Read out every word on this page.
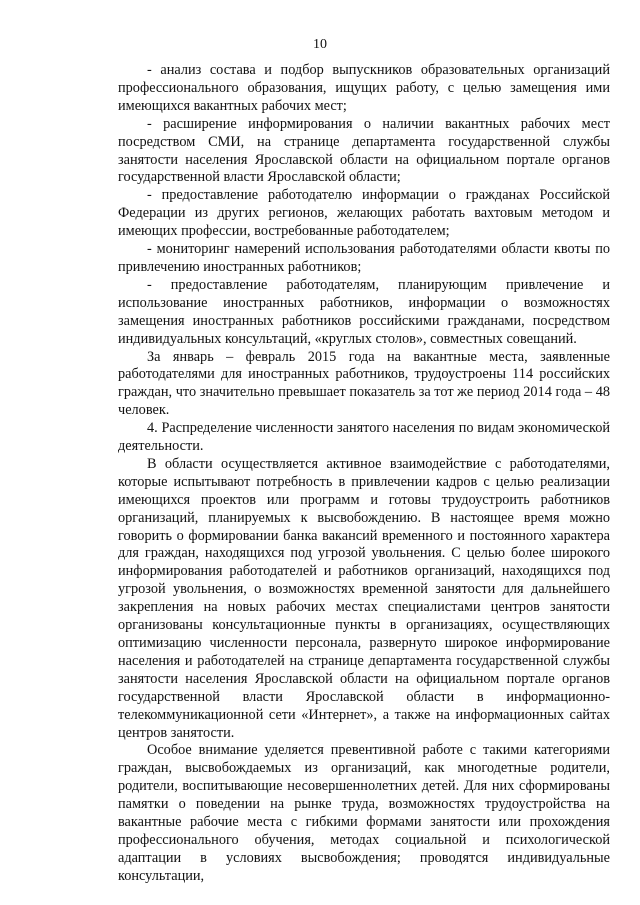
10

- анализ состава и подбор выпускников образовательных организаций профессионального образования, ищущих работу, с целью замещения ими имеющихся вакантных рабочих мест;

- расширение информирования о наличии вакантных рабочих мест посредством СМИ, на странице департамента государственной службы занятости населения Ярославской области на официальном портале органов государственной власти Ярославской области;

- предоставление работодателю информации о гражданах Российской Федерации из других регионов, желающих работать вахтовым методом и имеющих профессии, востребованные работодателем;

- мониторинг намерений использования работодателями области квоты по привлечению иностранных работников;

- предоставление работодателям, планирующим привлечение и использование иностранных работников, информации о возможностях замещения иностранных работников российскими гражданами, посредством индивидуальных консультаций, «круглых столов», совместных совещаний.

За январь – февраль 2015 года на вакантные места, заявленные работодателями для иностранных работников, трудоустроены 114 российских граждан, что значительно превышает показатель за тот же период 2014 года – 48 человек.

4. Распределение численности занятого населения по видам экономической деятельности.

В области осуществляется активное взаимодействие с работодателями, которые испытывают потребность в привлечении кадров с целью реализации имеющихся проектов или программ и готовы трудоустроить работников организаций, планируемых к высвобождению. В настоящее время можно говорить о формировании банка вакансий временного и постоянного характера для граждан, находящихся под угрозой увольнения. С целью более широкого информирования работодателей и работников организаций, находящихся под угрозой увольнения, о возможностях временной занятости для дальнейшего закрепления на новых рабочих местах специалистами центров занятости организованы консультационные пункты в организациях, осуществляющих оптимизацию численности персонала, развернуто широкое информирование населения и работодателей на странице департамента государственной службы занятости населения Ярославской области на официальном портале органов государственной власти Ярославской области в информационно-телекоммуникационной сети «Интернет», а также на информационных сайтах центров занятости.

Особое внимание уделяется превентивной работе с такими категориями граждан, высвобождаемых из организаций, как многодетные родители, родители, воспитывающие несовершеннолетних детей. Для них сформированы памятки о поведении на рынке труда, возможностях трудоустройства на вакантные рабочие места с гибкими формами занятости или прохождения профессионального обучения, методах социальной и психологической адаптации в условиях высвобождения; проводятся индивидуальные консультации,
